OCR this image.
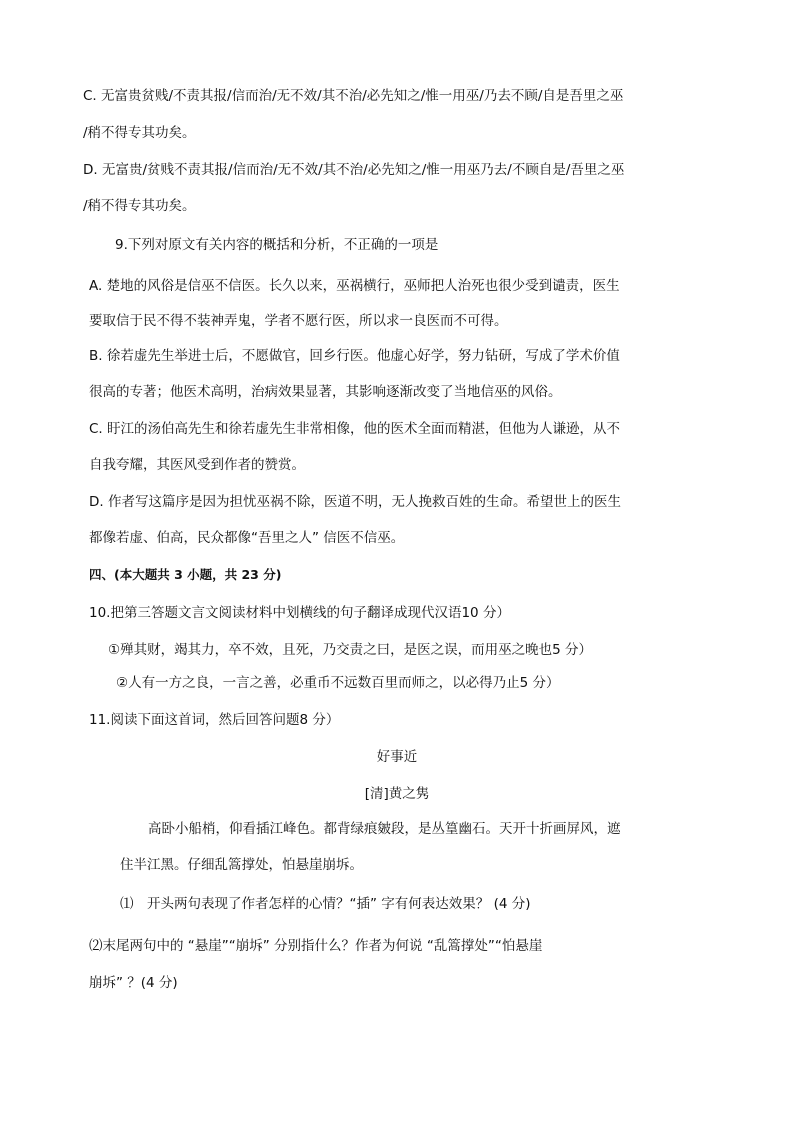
C. 无富贵贫贱/不责其报/信而治/无不效/其不治/必先知之/惟一用巫/乃去不顾/自是吾里之巫
/稍不得专其功矣。
D. 无富贵/贫贱不责其报/信而治/无不效/其不治/必先知之/惟一用巫乃去/不顾自是/吾里之巫
/稍不得专其功矣。
9.下列对原文有关内容的概括和分析，不正确的一项是
A. 楚地的风俗是信巫不信医。长久以来，巫祸横行，巫师把人治死也很少受到谴责，医生
要取信于民不得不装神弄鬼，学者不愿行医，所以求一良医而不可得。
B. 徐若虚先生举进士后，不愿做官，回乡行医。他虚心好学，努力钻研，写成了学术价值
很高的专著；他医术高明，治病效果显著，其影响逐渐改变了当地信巫的风俗。
C. 盱江的汤伯高先生和徐若虚先生非常相像，他的医术全面而精湛，但他为人谦逊，从不
自我夸耀，其医风受到作者的赞赏。
D. 作者写这篇序是因为担忧巫祸不除，医道不明，无人挽救百姓的生命。希望世上的医生
都像若虚、伯高，民众都像“吾里之人” 信医不信巫。
四、(本大题共 3 小题，共 23 分)
10.把第三答题文言文阅读材料中划横线的句子翻译成现代汉语10 分）
①殚其财，竭其力，卒不效，且死，乃交责之曰，是医之误，而用巫之晚也5 分）
②人有一方之良，一言之善，必重币不远数百里而师之，以必得乃止5 分）
11.阅读下面这首词，然后回答问题8 分）
好事近
[清]黄之隽
高卧小船梢，仰看插江峰色。都背绿痕皴段，是丛篁幽石。天开十折画屏风，遮
住半江黑。仔细乱篙撑处，怕悬崖崩坼。
⑴　开头两句表现了作者怎样的心情？“插” 字有何表达效果？ (4 分)
⑵末尾两句中的 “悬崖”“崩坼” 分别指什么？作者为何说 “乱篙撑处”“怕悬崖
崩坼” ？(4 分)
